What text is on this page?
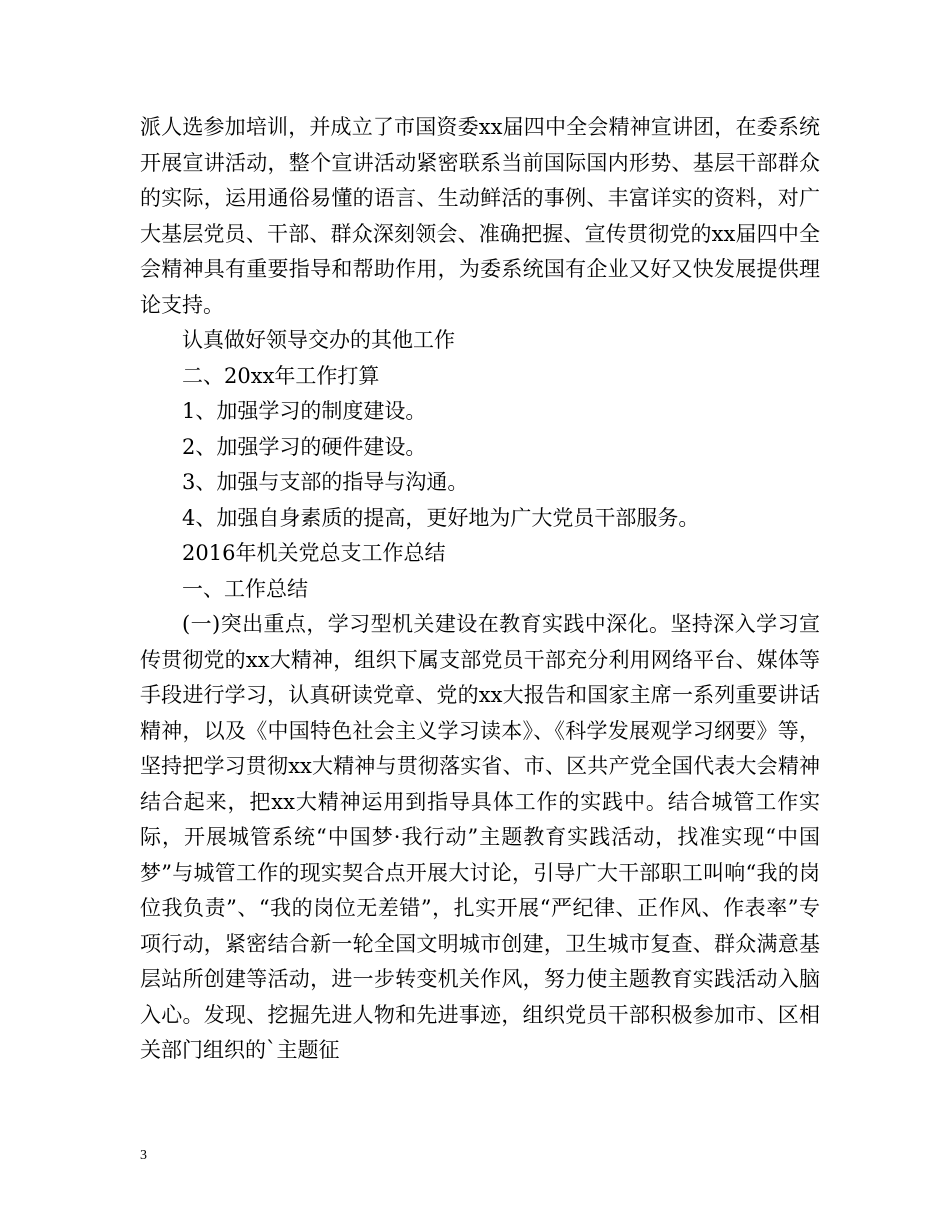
派人选参加培训，并成立了市国资委xx届四中全会精神宣讲团，在委系统开展宣讲活动，整个宣讲活动紧密联系当前国际国内形势、基层干部群众的实际，运用通俗易懂的语言、生动鲜活的事例、丰富详实的资料，对广大基层党员、干部、群众深刻领会、准确把握、宣传贯彻党的xx届四中全会精神具有重要指导和帮助作用，为委系统国有企业又好又快发展提供理论支持。

认真做好领导交办的其他工作

二、20xx年工作打算

1、加强学习的制度建设。

2、加强学习的硬件建设。

3、加强与支部的指导与沟通。

4、加强自身素质的提高，更好地为广大党员干部服务。

2016年机关党总支工作总结

一、工作总结

(一)突出重点，学习型机关建设在教育实践中深化。坚持深入学习宣传贯彻党的xx大精神，组织下属支部党员干部充分利用网络平台、媒体等手段进行学习，认真研读党章、党的xx大报告和国家主席一系列重要讲话精神，以及《中国特色社会主义学习读本》、《科学发展观学习纲要》等，坚持把学习贯彻xx大精神与贯彻落实省、市、区共产党全国代表大会精神结合起来，把xx大精神运用到指导具体工作的实践中。结合城管工作实际，开展城管系统“中国梦·我行动”主题教育实践活动，找准实现“中国梦”与城管工作的现实契合点开展大讨论，引导广大干部职工叫响“我的岗位我负责”、“我的岗位无差错”，扎实开展“严纪律、正作风、作表率”专项行动，紧密结合新一轮全国文明城市创建，卫生城市复查、群众满意基层站所创建等活动，进一步转变机关作风，努力使主题教育实践活动入脑入心。发现、挖掘先进人物和先进事迹，组织党员干部积极参加市、区相关部门组织的`主题征

3
